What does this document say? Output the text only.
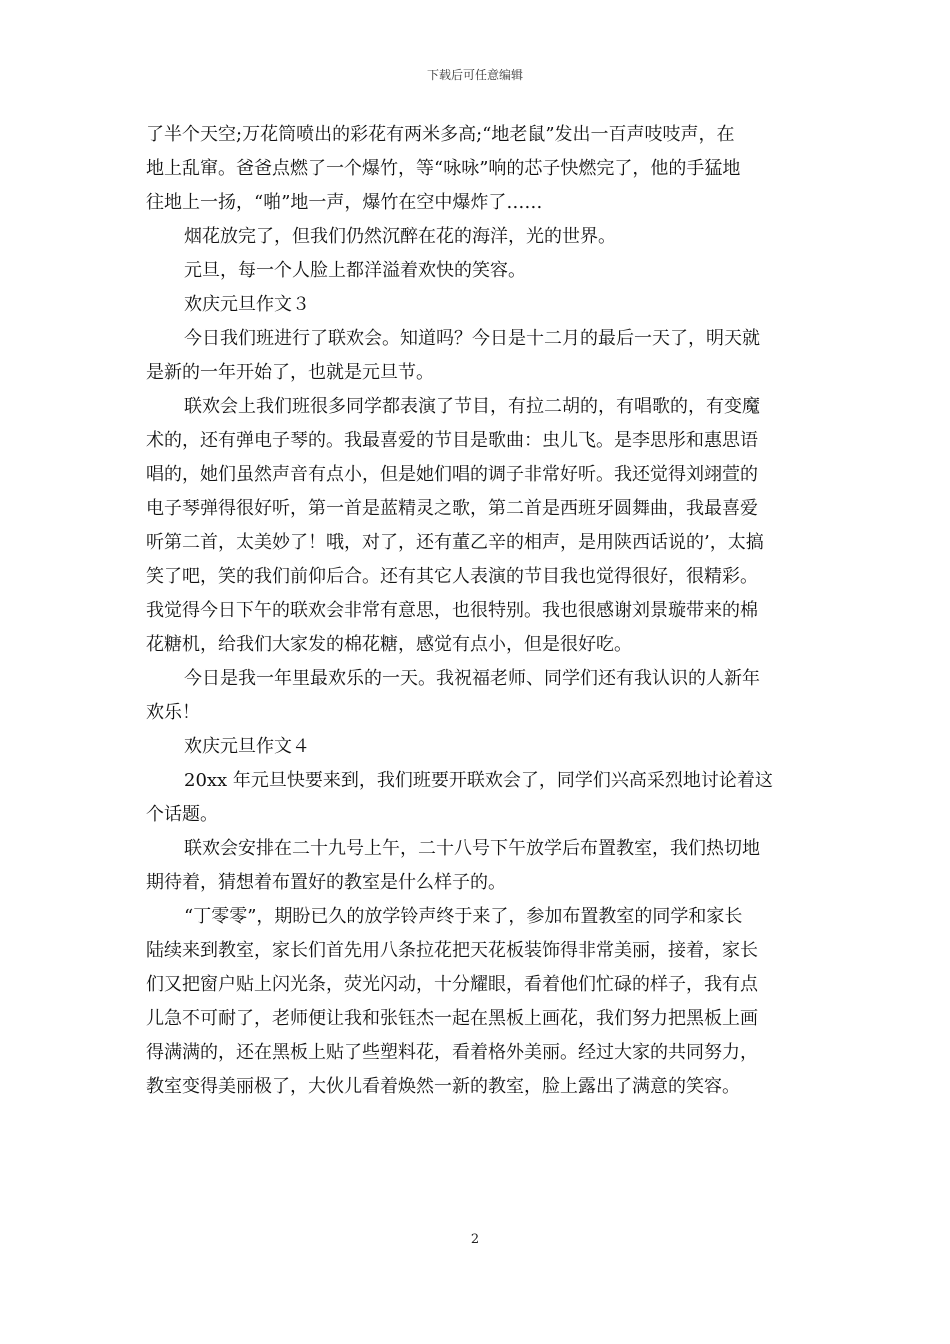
下载后可任意编辑
了半个天空;万花筒喷出的彩花有两米多高;“地老鼠”发出一百声吱吱声，在
地上乱窜。爸爸点燃了一个爆竹，等“咏咏”响的芯子快燃完了，他的手猛地
往地上一扬，“啪”地一声，爆竹在空中爆炸了……
烟花放完了，但我们仍然沉醉在花的海洋，光的世界。
元旦，每一个人脸上都洋溢着欢快的笑容。
欢庆元旦作文３
今日我们班进行了联欢会。知道吗？今日是十二月的最后一天了，明天就
是新的一年开始了，也就是元旦节。
联欢会上我们班很多同学都表演了节目，有拉二胡的，有唱歌的，有变魔
术的，还有弹电子琴的。我最喜爱的节目是歌曲：虫儿飞。是李思彤和惠思语
唱的，她们虽然声音有点小，但是她们唱的调子非常好听。我还觉得刘翊萱的
电子琴弹得很好听，第一首是蓝精灵之歌，第二首是西班牙圆舞曲，我最喜爱
听第二首，太美妙了！哦，对了，还有董乙辛的相声，是用陕西话说的’，太搞
笑了吧，笑的我们前仰后合。还有其它人表演的节目我也觉得很好，很精彩。
我觉得今日下午的联欢会非常有意思，也很特别。我也很感谢刘景璇带来的棉
花糖机，给我们大家发的棉花糖，感觉有点小，但是很好吃。
今日是我一年里最欢乐的一天。我祝福老师、同学们还有我认识的人新年
欢乐！
欢庆元旦作文４
20xx 年元旦快要来到，我们班要开联欢会了，同学们兴高采烈地讨论着这
个话题。
联欢会安排在二十九号上午，二十八号下午放学后布置教室，我们热切地
期待着，猜想着布置好的教室是什么样子的。
“丁零零”，期盼已久的放学铃声终于来了，参加布置教室的同学和家长
陆续来到教室，家长们首先用八条拉花把天花板装饰得非常美丽，接着，家长
们又把窗户贴上闪光条，荧光闪动，十分耀眼，看着他们忙碌的样子，我有点
儿急不可耐了，老师便让我和张钰杰一起在黑板上画花，我们努力把黑板上画
得满满的，还在黑板上贴了些塑料花，看着格外美丽。经过大家的共同努力，
教室变得美丽极了，大伙儿看着焕然一新的教室，脸上露出了满意的笑容。
2
